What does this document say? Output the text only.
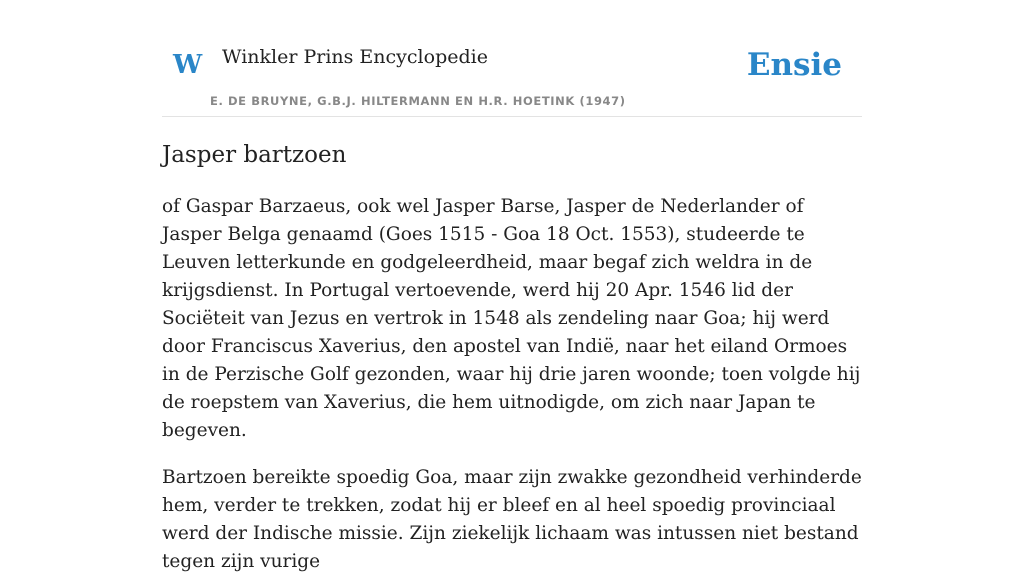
W Winkler Prins Encyclopedie
E. DE BRUYNE, G.B.J. HILTERMANN EN H.R. HOETINK (1947)
Ensie
Jasper bartzoen

of Gaspar Barzaeus, ook wel Jasper Barse, Jasper de Nederlander of Jasper Belga genaamd (Goes 1515 - Goa 18 Oct. 1553), studeerde te Leuven letterkunde en godgeleerdheid, maar begaf zich weldra in de krijgsdienst. In Portugal vertoevende, werd hij 20 Apr. 1546 lid der Sociëteit van Jezus en vertrok in 1548 als zendeling naar Goa; hij werd door Franciscus Xaverius, den apostel van Indië, naar het eiland Ormoes in de Perzische Golf gezonden, waar hij drie jaren woonde; toen volgde hij de roepstem van Xaverius, die hem uitnodigde, om zich naar Japan te begeven.

Bartzoen bereikte spoedig Goa, maar zijn zwakke gezondheid verhinderde hem, verder te trekken, zodat hij er bleef en al heel spoedig provinciaal werd der Indische missie. Zijn ziekelijk lichaam was intussen niet bestand tegen zijn vurige
